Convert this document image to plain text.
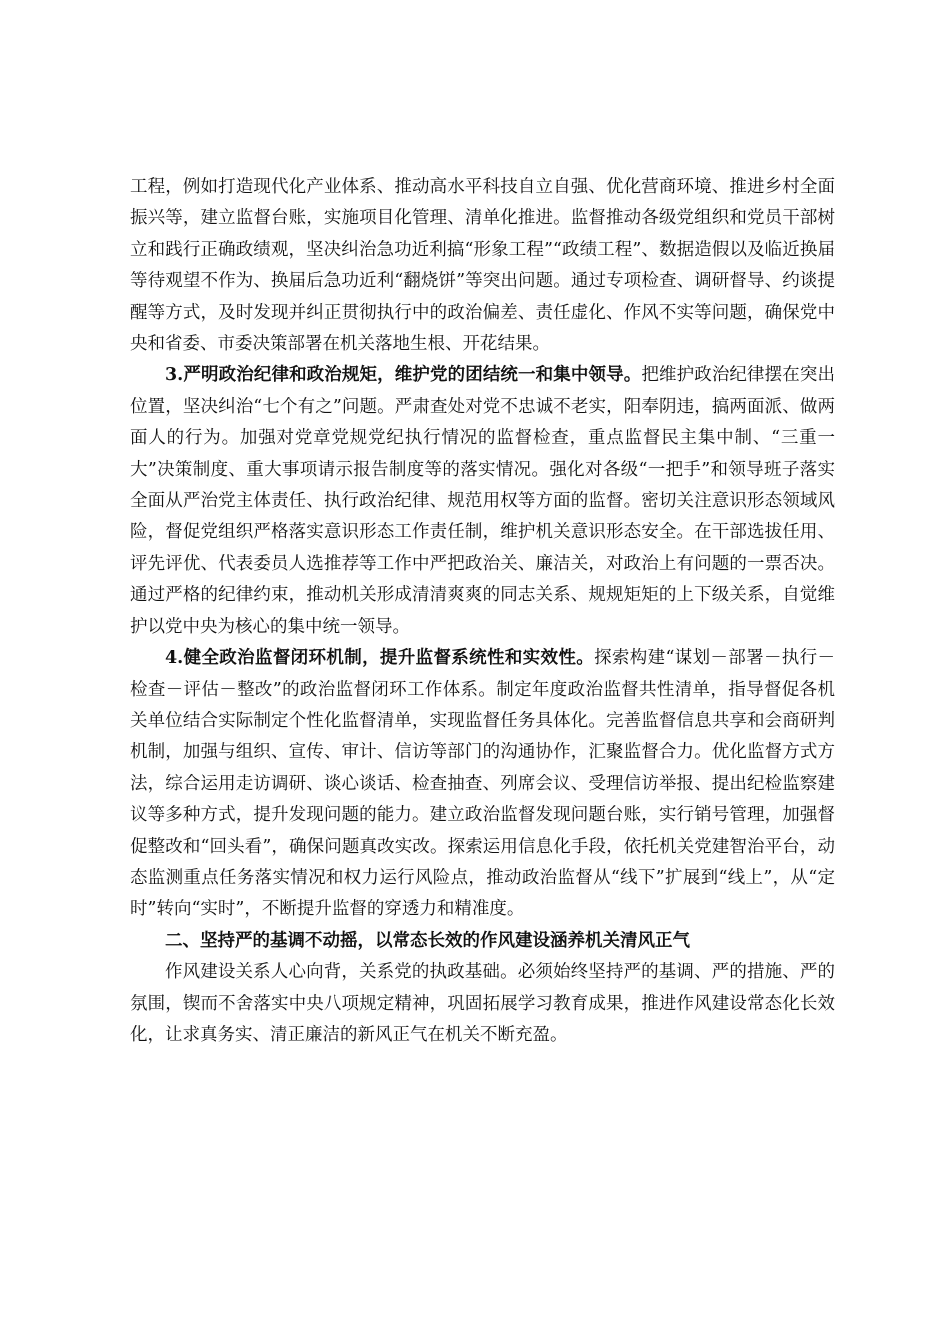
工程，例如打造现代化产业体系、推动高水平科技自立自强、优化营商环境、推进乡村全面振兴等，建立监督台账，实施项目化管理、清单化推进。监督推动各级党组织和党员干部树立和践行正确政绩观，坚决纠治急功近利搞“形象工程”“政绩工程”、数据造假以及临近换届等待观望不作为、换届后急功近利“翻烧饼”等突出问题。通过专项检查、调研督导、约谈提醒等方式，及时发现并纠正贯彻执行中的政治偏差、责任虚化、作风不实等问题，确保党中央和省委、市委决策部署在机关落地生根、开花结果。

3.严明政治纪律和政治规矩，维护党的团结统一和集中领导。把维护政治纪律摆在突出位置，坚决纠治“七个有之”问题。严肃查处对党不忠诚不老实，阳奉阴违，搞两面派、做两面人的行为。加强对党章党规党纪执行情况的监督检查，重点监督民主集中制、“三重一大”决策制度、重大事项请示报告制度等的落实情况。强化对各级“一把手”和领导班子落实全面从严治党主体责任、执行政治纪律、规范用权等方面的监督。密切关注意识形态领域风险，督促党组织严格落实意识形态工作责任制，维护机关意识形态安全。在干部选拔任用、评先评优、代表委员人选推荐等工作中严把政治关、廉洁关，对政治上有问题的一票否决。通过严格的纪律约束，推动机关形成清清爽爽的同志关系、规规矩矩的上下级关系，自觉维护以党中央为核心的集中统一领导。

4.健全政治监督闭环机制，提升监督系统性和实效性。探索构建“谋划－部署－执行－检查－评估－整改”的政治监督闭环工作体系。制定年度政治监督共性清单，指导督促各机关单位结合实际制定个性化监督清单，实现监督任务具体化。完善监督信息共享和会商研判机制，加强与组织、宣传、审计、信访等部门的沟通协作，汇聚监督合力。优化监督方式方法，综合运用走访调研、谈心谈话、检查抽查、列席会议、受理信访举报、提出纪检监察建议等多种方式，提升发现问题的能力。建立政治监督发现问题台账，实行销号管理，加强督促整改和“回头看”，确保问题真改实改。探索运用信息化手段，依托机关党建智治平台，动态监测重点任务落实情况和权力运行风险点，推动政治监督从“线下”扩展到“线上”，从“定时”转向“实时”，不断提升监督的穿透力和精准度。

二、坚持严的基调不动摇，以常态长效的作风建设涵养机关清风正气

作风建设关系人心向背，关系党的执政基础。必须始终坚持严的基调、严的措施、严的氛围，锲而不舍落实中央八项规定精神，巩固拓展学习教育成果，推进作风建设常态化长效化，让求真务实、清正廉洁的新风正气在机关不断充盈。
